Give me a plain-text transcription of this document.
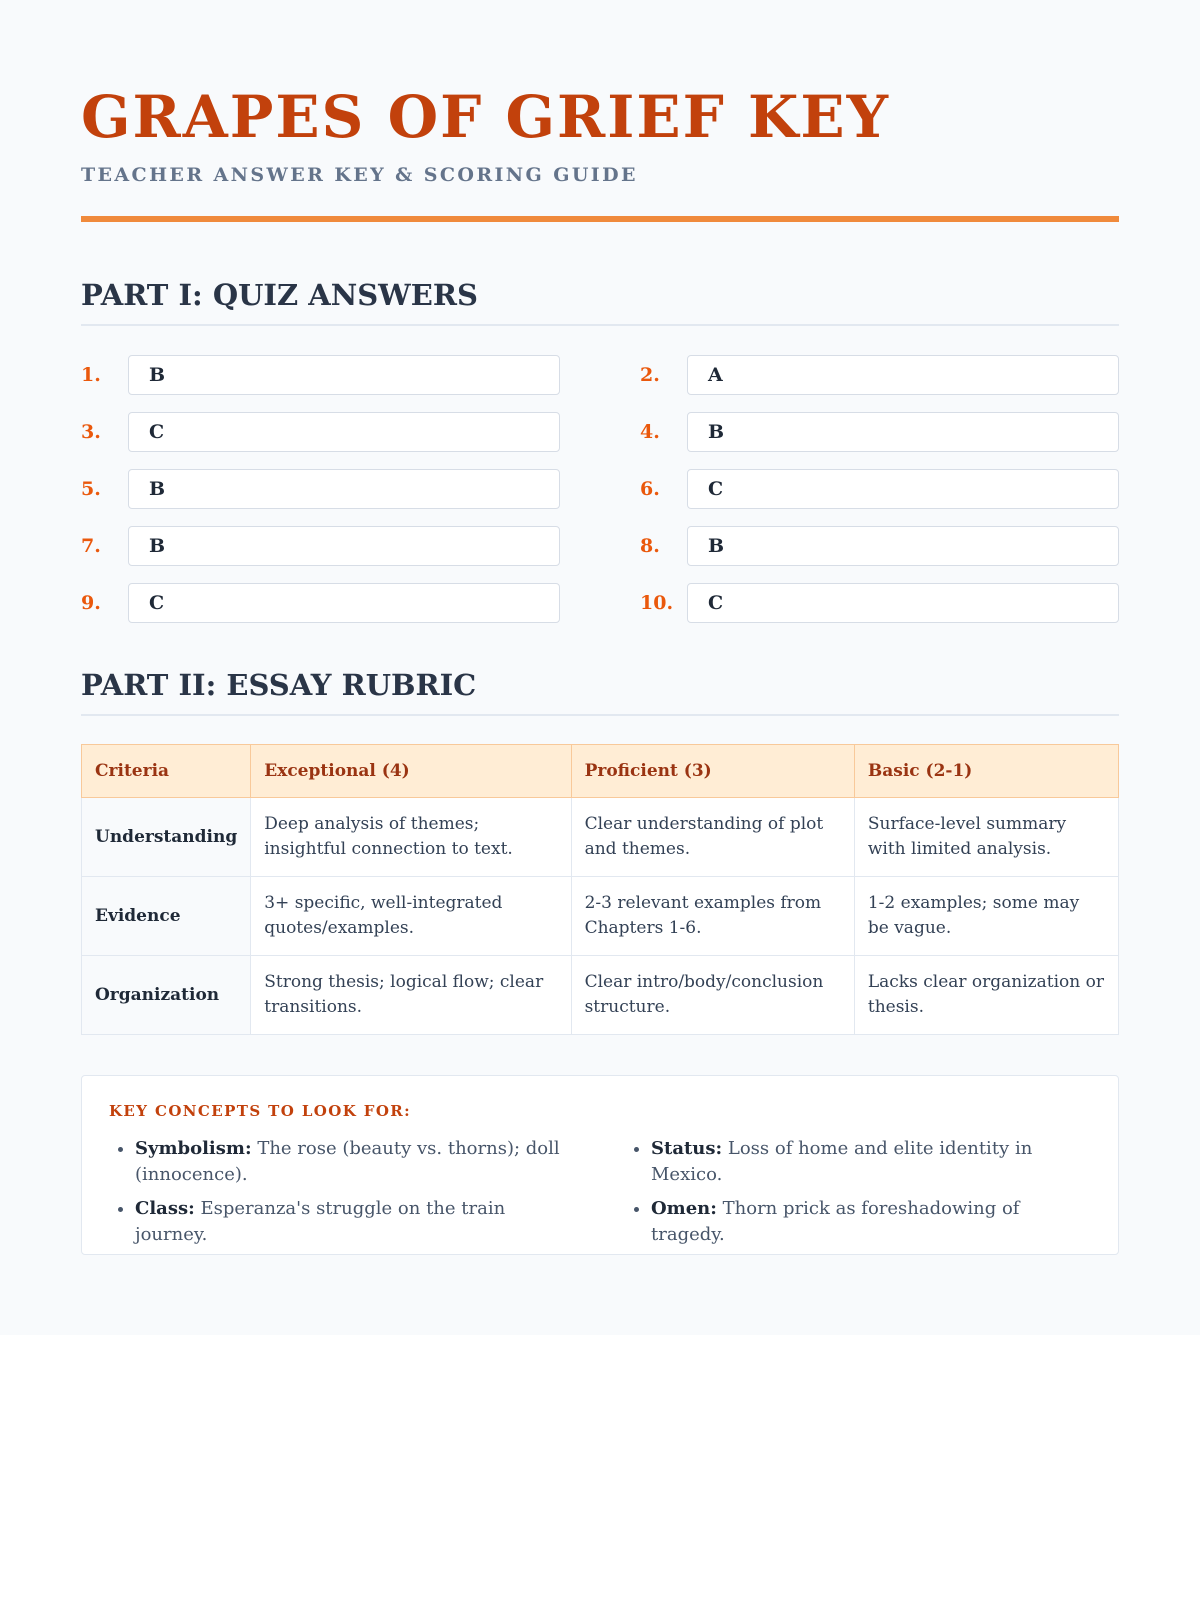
GRAPES OF GRIEF KEY
TEACHER ANSWER KEY & SCORING GUIDE
PART I: QUIZ ANSWERS
1.	B	2.	A
3.	C	4.	B
5.	B	6.	C
7.	B	8.	B
9.	C	10.	C
PART II: ESSAY RUBRIC
Criteria	Exceptional (4)	Proficient (3)	Basic (2-1)
Understanding	Deep analysis of themes; insightful connection to text.	Clear understanding of plot and themes.	Surface-level summary with limited analysis.
Evidence	3+ specific, well-integrated quotes/examples.	2-3 relevant examples from Chapters 1-6.	1-2 examples; some may be vague.
Organization	Strong thesis; logical flow; clear transitions.	Clear intro/body/conclusion structure.	Lacks clear organization or thesis.
KEY CONCEPTS TO LOOK FOR:
• Symbolism: The rose (beauty vs. thorns); doll (innocence).
• Class: Esperanza's struggle on the train journey.
• Status: Loss of home and elite identity in Mexico.
• Omen: Thorn prick as foreshadowing of tragedy.
